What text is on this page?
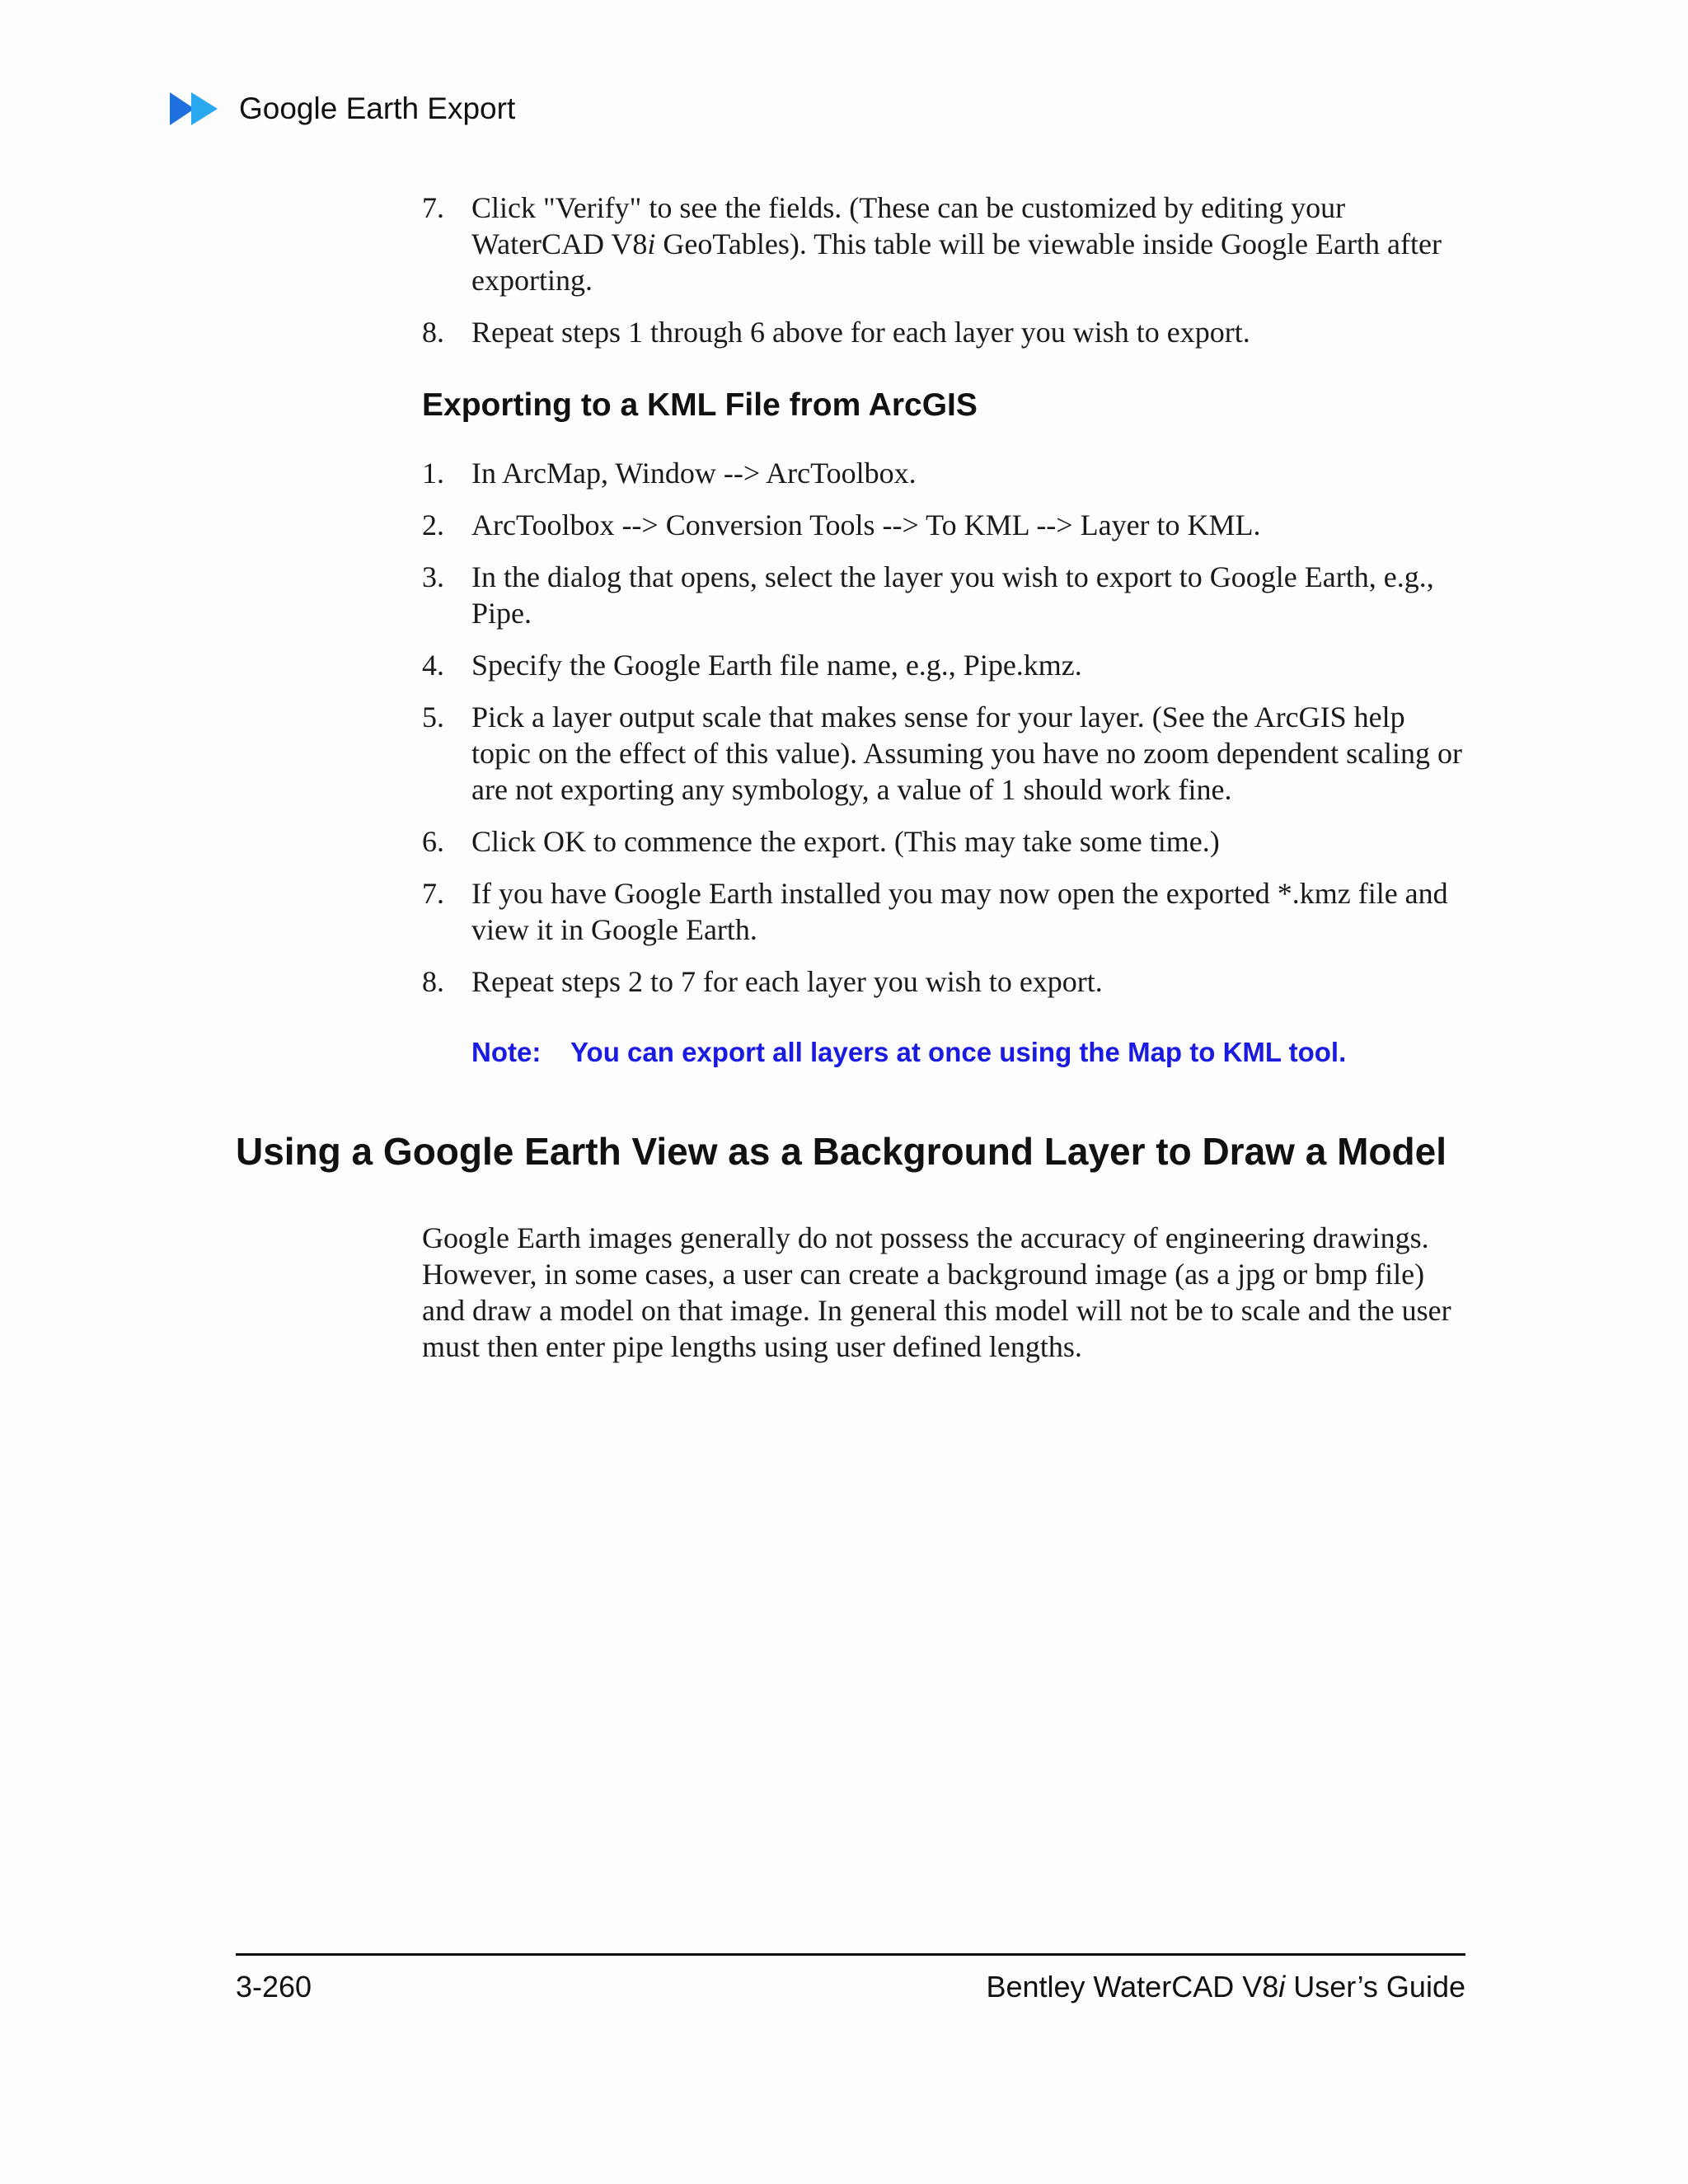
Google Earth Export
7. Click "Verify" to see the fields. (These can be customized by editing your WaterCAD V8i GeoTables). This table will be viewable inside Google Earth after exporting.
8. Repeat steps 1 through 6 above for each layer you wish to export.
Exporting to a KML File from ArcGIS
1. In ArcMap, Window --> ArcToolbox.
2. ArcToolbox --> Conversion Tools --> To KML --> Layer to KML.
3. In the dialog that opens, select the layer you wish to export to Google Earth, e.g., Pipe.
4. Specify the Google Earth file name, e.g., Pipe.kmz.
5. Pick a layer output scale that makes sense for your layer. (See the ArcGIS help topic on the effect of this value). Assuming you have no zoom dependent scaling or are not exporting any symbology, a value of 1 should work fine.
6. Click OK to commence the export. (This may take some time.)
7. If you have Google Earth installed you may now open the exported *.kmz file and view it in Google Earth.
8. Repeat steps 2 to 7 for each layer you wish to export.
Note:	You can export all layers at once using the Map to KML tool.
Using a Google Earth View as a Background Layer to Draw a Model

Google Earth images generally do not possess the accuracy of engineering drawings. However, in some cases, a user can create a background image (as a jpg or bmp file) and draw a model on that image. In general this model will not be to scale and the user must then enter pipe lengths using user defined lengths.

3-260	Bentley WaterCAD V8i User’s Guide
